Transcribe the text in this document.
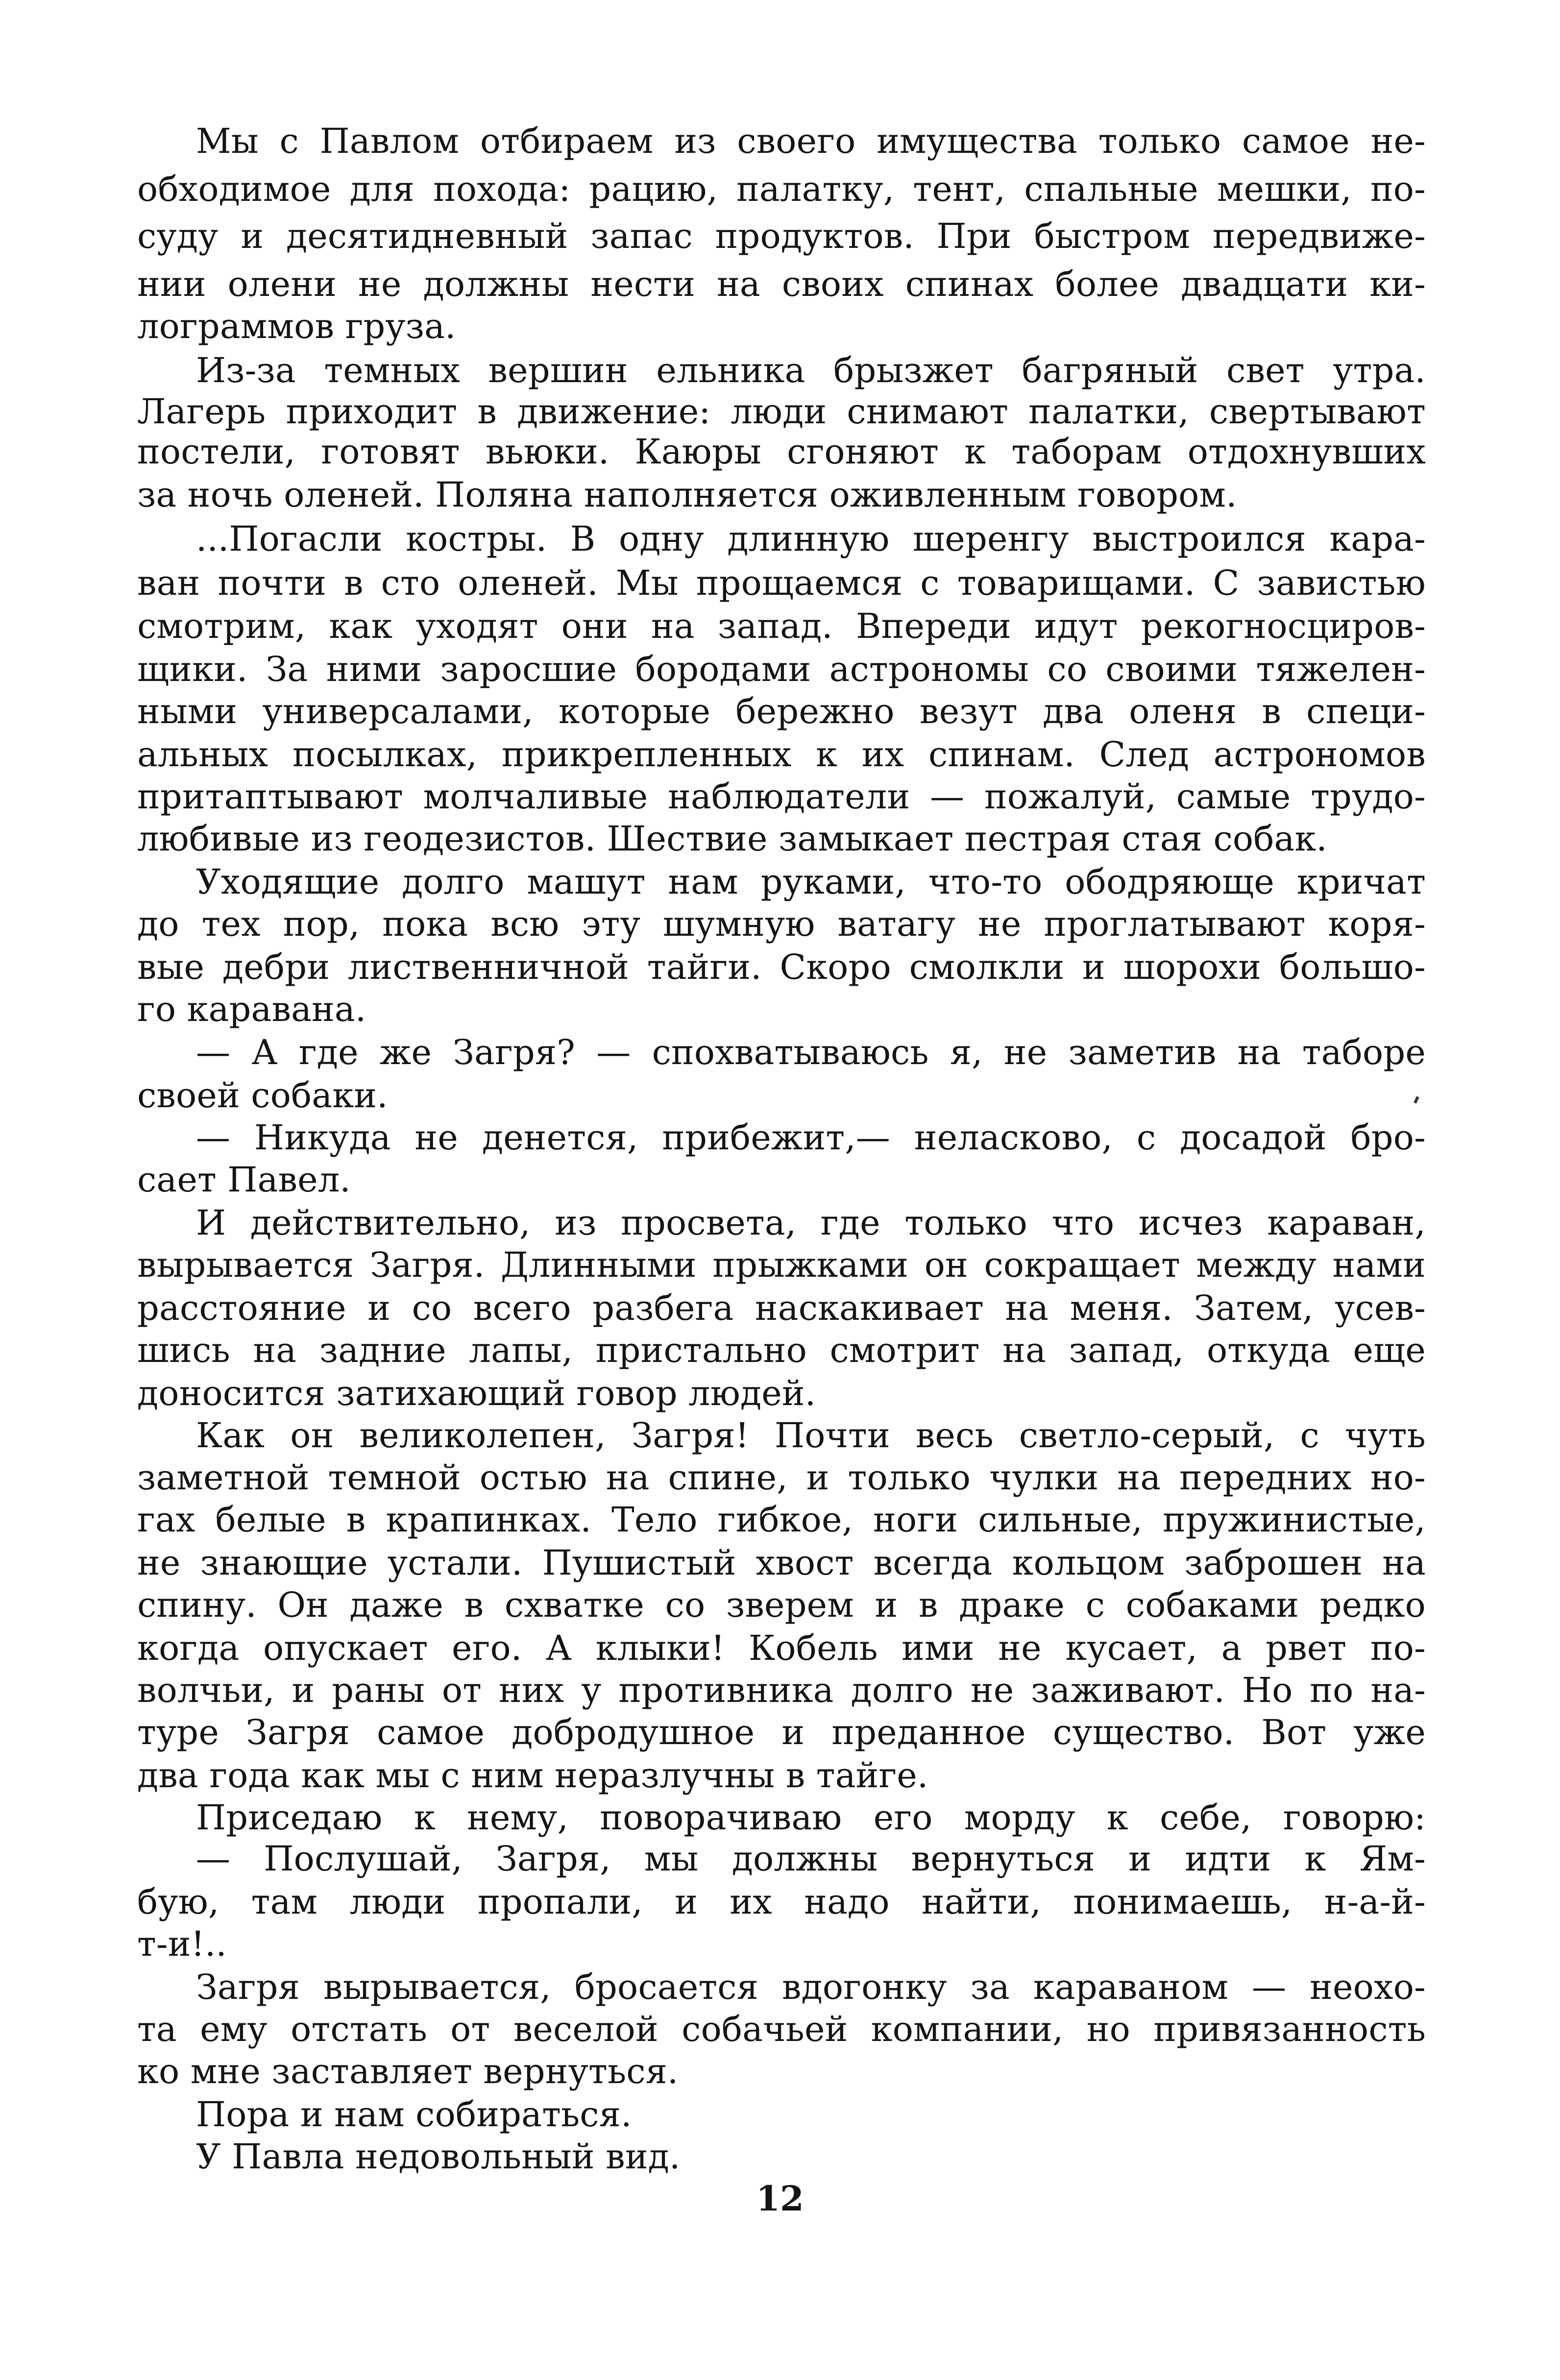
Мы с Павлом отбираем из своего имущества только самое не-

обходимое для похода: рацию, палатку, тент, спальные мешки, по-

суду и десятидневный запас продуктов. При быстром передвиже-

нии олени не должны нести на своих спинах более двадцати ки-

лограммов груза.

Из-за темных вершин ельника брызжет багряный свет утра.

Лагерь приходит в движение: люди снимают палатки, свертывают

постели, готовят вьюки. Каюры сгоняют к таборам отдохнувших

за ночь оленей. Поляна наполняется оживленным говором.

...Погасли костры. В одну длинную шеренгу выстроился кара-

ван почти в сто оленей. Мы прощаемся с товарищами. С завистью

смотрим, как уходят они на запад. Впереди идут рекогносциров-

щики. За ними заросшие бородами астрономы со своими тяжелен-

ными универсалами, которые бережно везут два оленя в специ-

альных посылках, прикрепленных к их спинам. След астрономов

притаптывают молчаливые наблюдатели — пожалуй, самые трудо-

любивые из геодезистов. Шествие замыкает пестрая стая собак.

Уходящие долго машут нам руками, что-то ободряюще кричат

до тех пор, пока всю эту шумную ватагу не проглатывают коря-

вые дебри лиственничной тайги. Скоро смолкли и шорохи большо-

го каравана.

— А где же Загря? — спохватываюсь я, не заметив на таборе

своей собаки.

— Никуда не денется, прибежит,— неласково, с досадой бро-

сает Павел.

И действительно, из просвета, где только что исчез караван,

вырывается Загря. Длинными прыжками он сокращает между нами

расстояние и со всего разбега наскакивает на меня. Затем, усев-

шись на задние лапы, пристально смотрит на запад, откуда еще

доносится затихающий говор людей.

Как он великолепен, Загря! Почти весь светло-серый, с чуть

заметной темной остью на спине, и только чулки на передних но-

гах белые в крапинках. Тело гибкое, ноги сильные, пружинистые,

не знающие устали. Пушистый хвост всегда кольцом заброшен на

спину. Он даже в схватке со зверем и в драке с собаками редко

когда опускает его. А клыки! Кобель ими не кусает, а рвет по-

волчьи, и раны от них у противника долго не заживают. Но по на-

туре Загря самое добродушное и преданное существо. Вот уже

два года как мы с ним неразлучны в тайге.

Приседаю к нему, поворачиваю его морду к себе, говорю:

— Послушай, Загря, мы должны вернуться и идти к Ям-

бую, там люди пропали, и их надо найти, понимаешь, н-а-й-

т-и!..

Загря вырывается, бросается вдогонку за караваном — неохо-

та ему отстать от веселой собачьей компании, но привязанность

ко мне заставляет вернуться.

Пора и нам собираться.

У Павла недовольный вид.

12
